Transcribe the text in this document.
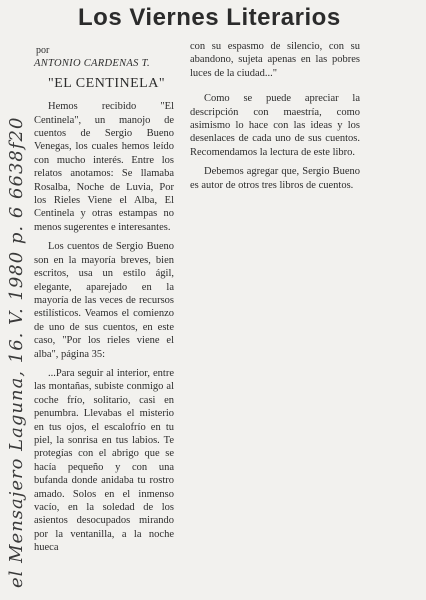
Los Viernes Literarios
el Mensajero Laguna, 16. V. 1980 p. 6 6638f20
por
ANTONIO CARDENAS T.
"EL CENTINELA"

Hemos recibido "El Centinela", un manojo de cuentos de Sergio Bueno Venegas, los cuales hemos leído con mucho interés. Entre los relatos anotamos: Se llamaba Rosalba, Noche de Luvia, Por los Rieles Viene el Alba, El Centinela y otras estampas no menos sugerentes e interesantes.

Los cuentos de Sergio Bueno son en la mayoría breves, bien escritos, usa un estilo ágil, elegante, aparejado en la mayoría de las veces de recursos estilísticos. Veamos el comienzo de uno de sus cuentos, en este caso, "Por los rieles viene el alba", página 35:

...Para seguir al interior, entre las montañas, subiste conmigo al coche frío, solitario, casi en penumbra. Llevabas el misterio en tus ojos, el escalofrío en tu piel, la sonrisa en tus labios. Te protegías con el abrigo que se hacía pequeño y con una bufanda donde anidaba tu rostro amado. Solos en el inmenso vacío, en la soledad de los asientos desocupados mirando por la ventanilla, a la noche hueca

con su espasmo de silencio, con su abandono, sujeta apenas en las pobres luces de la ciudad..."

Como se puede apreciar la descripción con maestría, como asimismo lo hace con las ideas y los desenlaces de cada uno de sus cuentos. Recomendamos la lectura de este libro.

Debemos agregar que, Sergio Bueno es autor de otros tres libros de cuentos.
